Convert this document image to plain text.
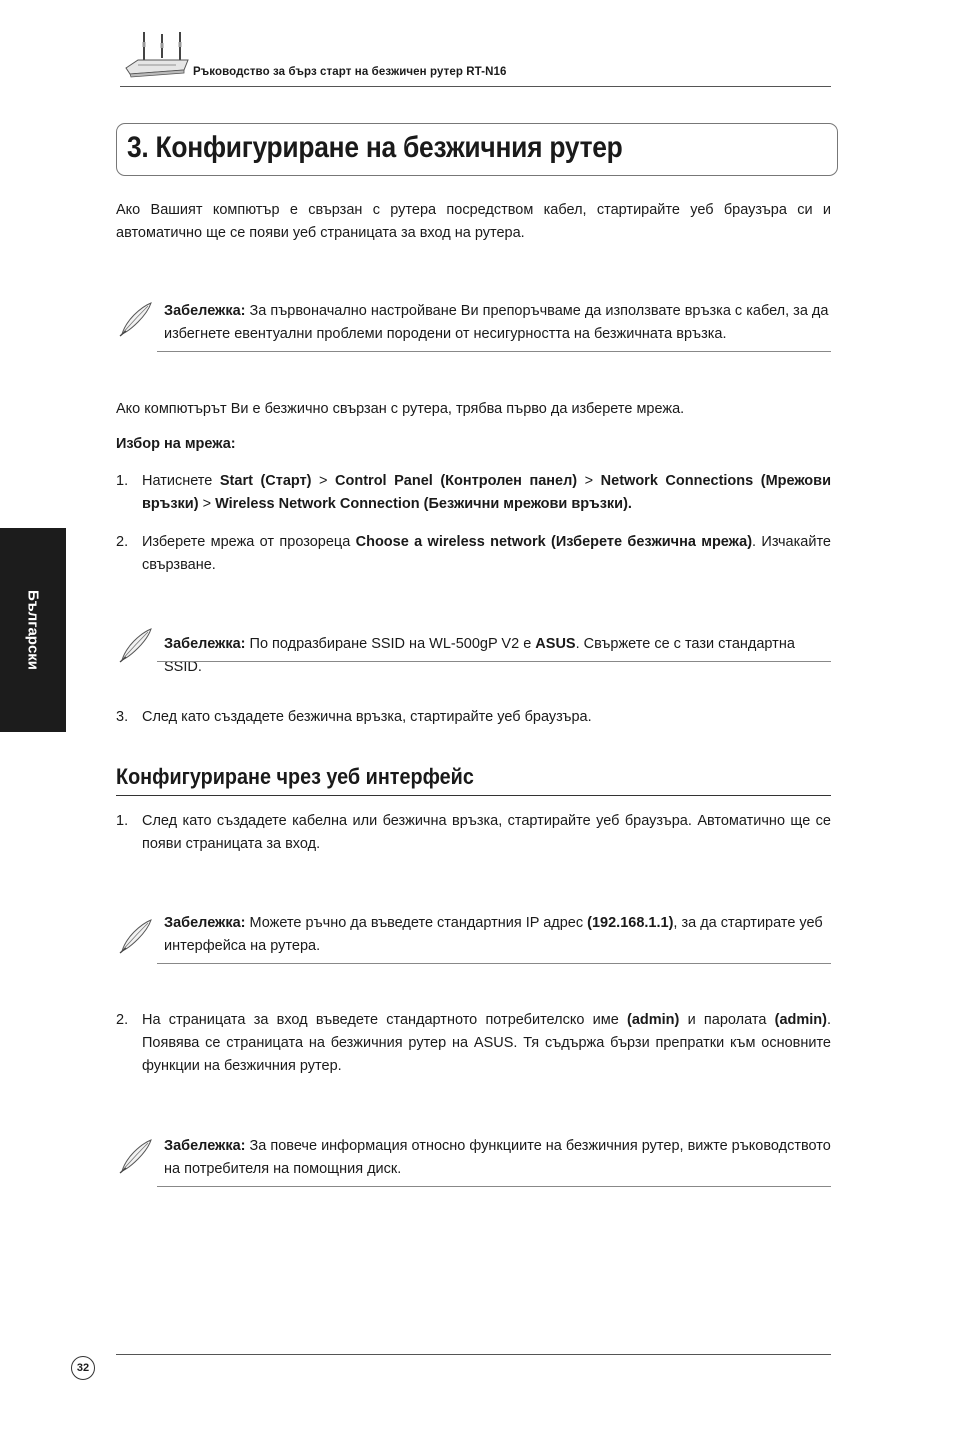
Ръководство за бърз старт на безжичен рутер RT-N16
3. Конфигуриране на безжичния рутер
Ако Вашият компютър е свързан с рутера посредством кабел, стартирайте уеб браузъра си и автоматично ще се появи уеб страницата за вход на рутера.
Забележка: За първоначално настройване Ви препоръчваме да използвате връзка с кабел, за да избегнете евентуални проблеми породени от несигурността на безжичната връзка.
Ако компютърът Ви е безжично свързан с рутера, трябва първо да изберете мрежа.
Избор на мрежа:
1. Натиснете Start (Старт) > Control Panel (Контролен панел) > Network Connections (Мрежови връзки) > Wireless Network Connection (Безжични мрежови връзки).
2. Изберете мрежа от прозореца Choose a wireless network (Изберете безжична мрежа). Изчакайте свързване.
Забележка: По подразбиране SSID на WL-500gP V2 е ASUS. Свържете се с тази стандартна SSID.
3. След като създадете безжична връзка, стартирайте уеб браузъра.
Конфигуриране чрез уеб интерфейс
1. След като създадете кабелна или безжична връзка, стартирайте уеб браузъра. Автоматично ще се появи страницата за вход.
Забележка: Можете ръчно да въведете стандартния IP адрес (192.168.1.1), за да стартирате уеб интерфейса на рутера.
2. На страницата за вход въведете стандартното потребителско име (admin) и паролата (admin). Появява се страницата на безжичния рутер на ASUS. Тя съдържа бързи препратки към основните функции на безжичния рутер.
Забележка: За повече информация относно функциите на безжичния рутер, вижте ръководството на потребителя на помощния диск.
Български
32
